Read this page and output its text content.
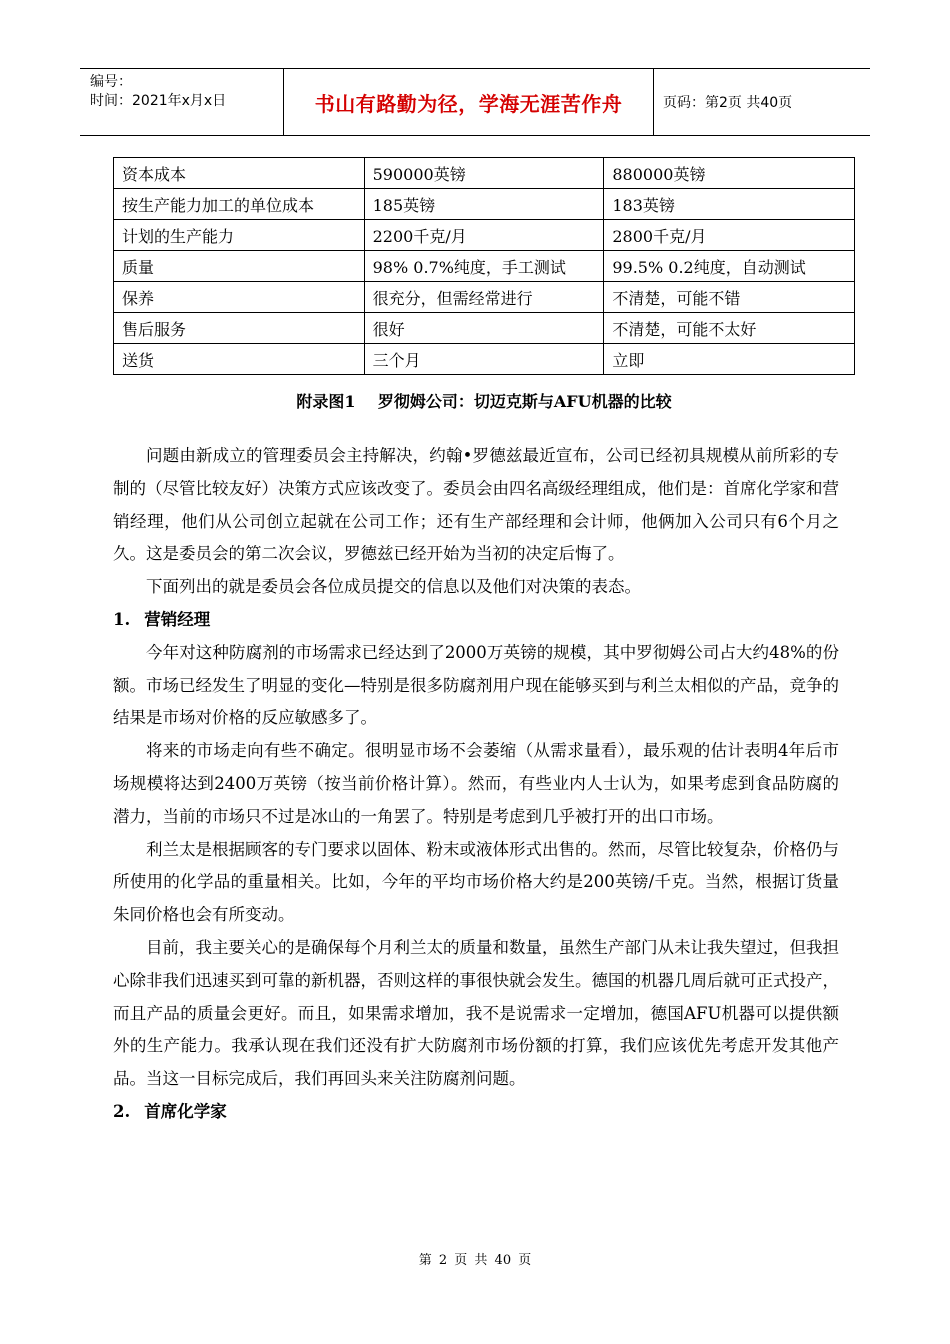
编号：
时间：2021年x月x日	书山有路勤为径，学海无涯苦作舟	页码：第2页 共40页
资本成本	590000英镑	880000英镑
按生产能力加工的单位成本	185英镑	183英镑
计划的生产能力	2200千克/月	2800千克/月
质量	98% 0.7%纯度，手工测试	99.5% 0.2纯度，自动测试
保养	很充分，但需经常进行	不清楚，可能不错
售后服务	很好	不清楚，可能不太好
送货	三个月	立即
附录图1    罗彻姆公司：切迈克斯与AFU机器的比较

问题由新成立的管理委员会主持解决，约翰•罗德兹最近宣布，公司已经初具规模从前所彩的专制的（尽管比较友好）决策方式应该改变了。委员会由四名高级经理组成，他们是：首席化学家和营销经理，他们从公司创立起就在公司工作；还有生产部经理和会计师，他俩加入公司只有6个月之久。这是委员会的第二次会议，罗德兹已经开始为当初的决定后悔了。

下面列出的就是委员会各位成员提交的信息以及他们对决策的表态。

1. 营销经理

今年对这种防腐剂的市场需求已经达到了2000万英镑的规模，其中罗彻姆公司占大约48%的份额。市场已经发生了明显的变化—特别是很多防腐剂用户现在能够买到与利兰太相似的产品，竞争的结果是市场对价格的反应敏感多了。

将来的市场走向有些不确定。很明显市场不会萎缩（从需求量看），最乐观的估计表明4年后市场规模将达到2400万英镑（按当前价格计算）。然而，有些业内人士认为，如果考虑到食品防腐的潜力，当前的市场只不过是冰山的一角罢了。特别是考虑到几乎被打开的出口市场。

利兰太是根据顾客的专门要求以固体、粉末或液体形式出售的。然而，尽管比较复杂，价格仍与所使用的化学品的重量相关。比如，今年的平均市场价格大约是200英镑/千克。当然，根据订货量朱同价格也会有所变动。

目前，我主要关心的是确保每个月利兰太的质量和数量，虽然生产部门从未让我失望过，但我担心除非我们迅速买到可靠的新机器，否则这样的事很快就会发生。德国的机器几周后就可正式投产，而且产品的质量会更好。而且，如果需求增加，我不是说需求一定增加，德国AFU机器可以提供额外的生产能力。我承认现在我们还没有扩大防腐剂市场份额的打算，我们应该优先考虑开发其他产品。当这一目标完成后，我们再回头来关注防腐剂问题。

2. 首席化学家
第 2 页 共 40 页
